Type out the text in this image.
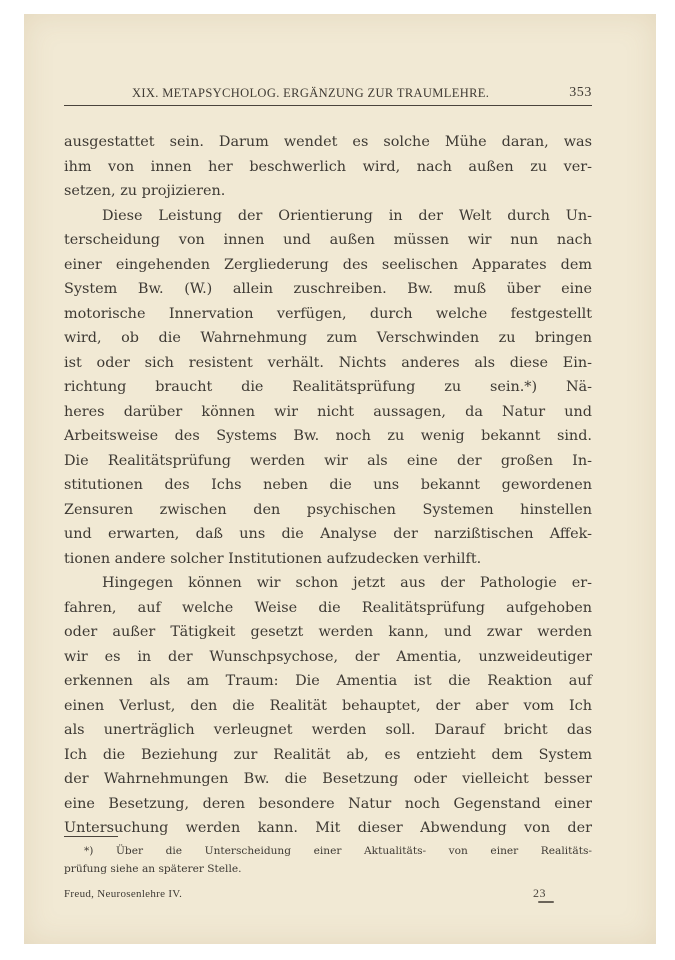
XIX. METAPSYCHOLOG. ERGÄNZUNG ZUR TRAUMLEHRE.	353
ausgestattet sein. Darum wendet es solche Mühe daran, was
ihm von innen her beschwerlich wird, nach außen zu ver-
setzen, zu projizieren.
Diese Leistung der Orientierung in der Welt durch Un-
terscheidung von innen und außen müssen wir nun nach
einer eingehenden Zergliederung des seelischen Apparates dem
System Bw. (W.) allein zuschreiben. Bw. muß über eine
motorische Innervation verfügen, durch welche festgestellt
wird, ob die Wahrnehmung zum Verschwinden zu bringen
ist oder sich resistent verhält. Nichts anderes als diese Ein-
richtung braucht die Realitätsprüfung zu sein.*) Nä-
heres darüber können wir nicht aussagen, da Natur und
Arbeitsweise des Systems Bw. noch zu wenig bekannt sind.
Die Realitätsprüfung werden wir als eine der großen In-
stitutionen des Ichs neben die uns bekannt gewordenen
Zensuren zwischen den psychischen Systemen hinstellen
und erwarten, daß uns die Analyse der narzißtischen Affek-
tionen andere solcher Institutionen aufzudecken verhilft.
Hingegen können wir schon jetzt aus der Pathologie er-
fahren, auf welche Weise die Realitätsprüfung aufgehoben
oder außer Tätigkeit gesetzt werden kann, und zwar werden
wir es in der Wunschpsychose, der Amentia, unzweideutiger
erkennen als am Traum: Die Amentia ist die Reaktion auf
einen Verlust, den die Realität behauptet, der aber vom Ich
als unerträglich verleugnet werden soll. Darauf bricht das
Ich die Beziehung zur Realität ab, es entzieht dem System
der Wahrnehmungen Bw. die Besetzung oder vielleicht besser
eine Besetzung, deren besondere Natur noch Gegenstand einer
Untersuchung werden kann. Mit dieser Abwendung von der
*) Über die Unterscheidung einer Aktualitäts- von einer Realitäts-
prüfung siehe an späterer Stelle.
Freud, Neurosenlehre IV.	23
